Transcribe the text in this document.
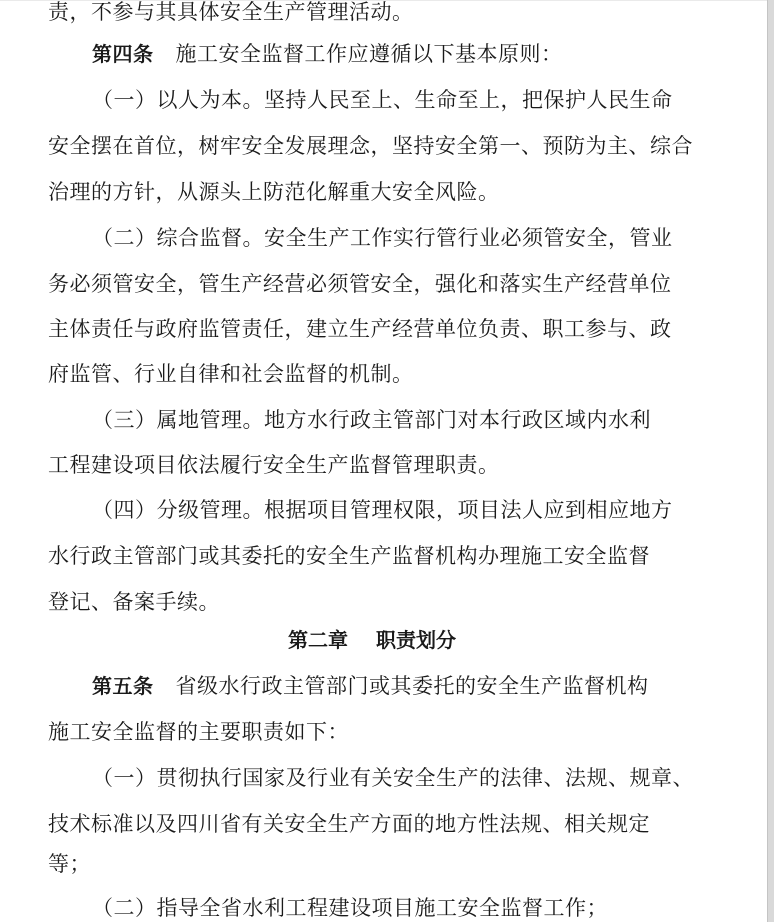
责，不参与其具体安全生产管理活动。
第四条 施工安全监督工作应遵循以下基本原则：
（一）以人为本。坚持人民至上、生命至上，把保护人民生命
安全摆在首位，树牢安全发展理念，坚持安全第一、预防为主、综合
治理的方针，从源头上防范化解重大安全风险。
（二）综合监督。安全生产工作实行管行业必须管安全，管业
务必须管安全，管生产经营必须管安全，强化和落实生产经营单位
主体责任与政府监管责任，建立生产经营单位负责、职工参与、政
府监管、行业自律和社会监督的机制。
（三）属地管理。地方水行政主管部门对本行政区域内水利
工程建设项目依法履行安全生产监督管理职责。
（四）分级管理。根据项目管理权限，项目法人应到相应地方
水行政主管部门或其委托的安全生产监督机构办理施工安全监督
登记、备案手续。
第二章 职责划分
第五条 省级水行政主管部门或其委托的安全生产监督机构
施工安全监督的主要职责如下：
（一）贯彻执行国家及行业有关安全生产的法律、法规、规章、
技术标准以及四川省有关安全生产方面的地方性法规、相关规定
等；
（二）指导全省水利工程建设项目施工安全监督工作；
